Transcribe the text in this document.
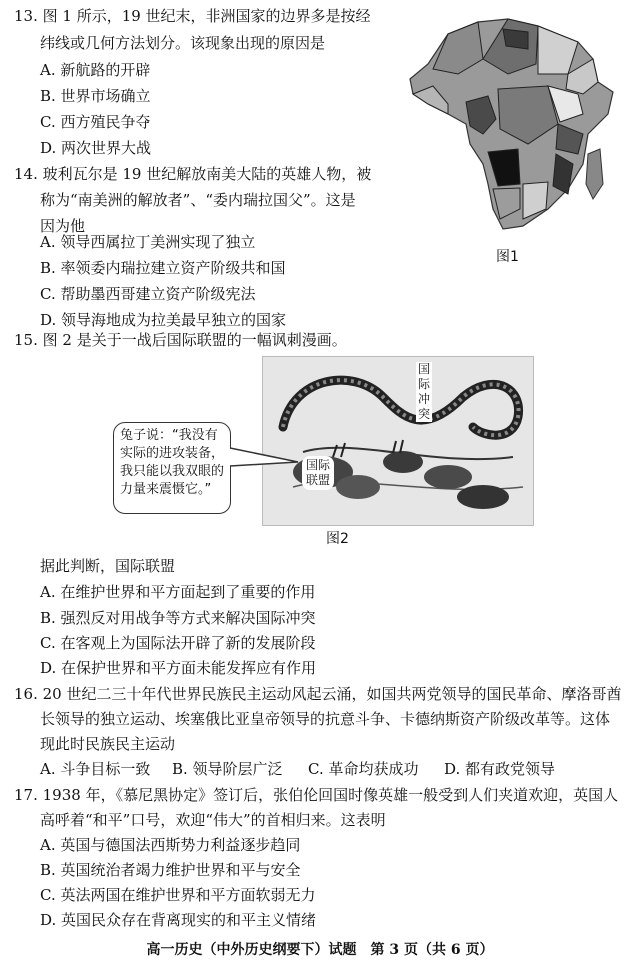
13. 图 1 所示，19 世纪末，非洲国家的边界多是按经
纬线或几何方法划分。该现象出现的原因是
A. 新航路的开辟
B. 世界市场确立
C. 西方殖民争夺
D. 两次世界大战
图1
14. 玻利瓦尔是 19 世纪解放南美大陆的英雄人物，被
称为“南美洲的解放者”、“委内瑞拉国父”。这是
因为他
A. 领导西属拉丁美洲实现了独立
B. 率领委内瑞拉建立资产阶级共和国
C. 帮助墨西哥建立资产阶级宪法
D. 领导海地成为拉美最早独立的国家
15. 图 2 是关于一战后国际联盟的一幅讽刺漫画。
国
际
冲
突
国际
联盟
兔子说：“我没有实际的进攻装备，我只能以我双眼的力量来震慑它。”
图2
据此判断，国际联盟
A. 在维护世界和平方面起到了重要的作用
B. 强烈反对用战争等方式来解决国际冲突
C. 在客观上为国际法开辟了新的发展阶段
D. 在保护世界和平方面未能发挥应有作用
16. 20 世纪二三十年代世界民族民主运动风起云涌，如国共两党领导的国民革命、摩洛哥酋
长领导的独立运动、埃塞俄比亚皇帝领导的抗意斗争、卡德纳斯资产阶级改革等。这体
现此时民族民主运动
A. 斗争目标一致 B. 领导阶层广泛 C. 革命均获成功 D. 都有政党领导
17. 1938 年，《慕尼黑协定》签订后，张伯伦回国时像英雄一般受到人们夹道欢迎，英国人
高呼着“和平”口号，欢迎“伟大”的首相归来。这表明
A. 英国与德国法西斯势力利益逐步趋同
B. 英国统治者竭力维护世界和平与安全
C. 英法两国在维护世界和平方面软弱无力
D. 英国民众存在背离现实的和平主义情绪
高一历史（中外历史纲要下）试题　第 3 页（共 6 页）
